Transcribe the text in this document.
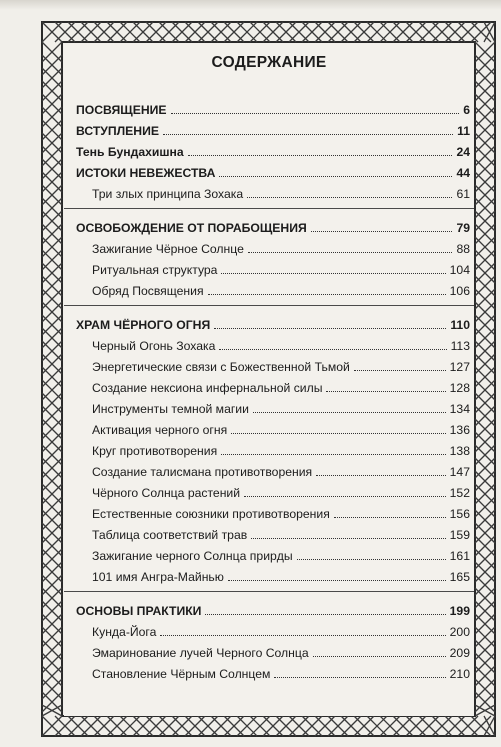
СОДЕРЖАНИЕ
ПОСВЯЩЕНИЕ	6
ВСТУПЛЕНИЕ	11
Тень Бундахишна	24
ИСТОКИ НЕВЕЖЕСТВА	44
Три злых принципа Зохака	61
ОСВОБОЖДЕНИЕ ОТ ПОРАБОЩЕНИЯ	79
Зажигание Чёрное Солнце	88
Ритуальная структура	104
Обряд Посвящения	106
ХРАМ ЧЁРНОГО ОГНЯ	110
Черный Огонь Зохака	113
Энергетические связи с Божественной Тьмой	127
Создание нексиона инфернальной силы	128
Инструменты темной магии	134
Активация черного огня	136
Круг противотворения	138
Создание талисмана противотворения	147
Чёрного Солнца растений	152
Естественные союзники противотворения	156
Таблица соответствий трав	159
Зажигание черного Солнца приpды	161
101 имя Ангра-Майнью	165
ОСНОВЫ ПРАКТИКИ	199
Кунда-Йога	200
Эмаринование лучей Черного Солнца	209
Становление Чёрным Солнцем	210
